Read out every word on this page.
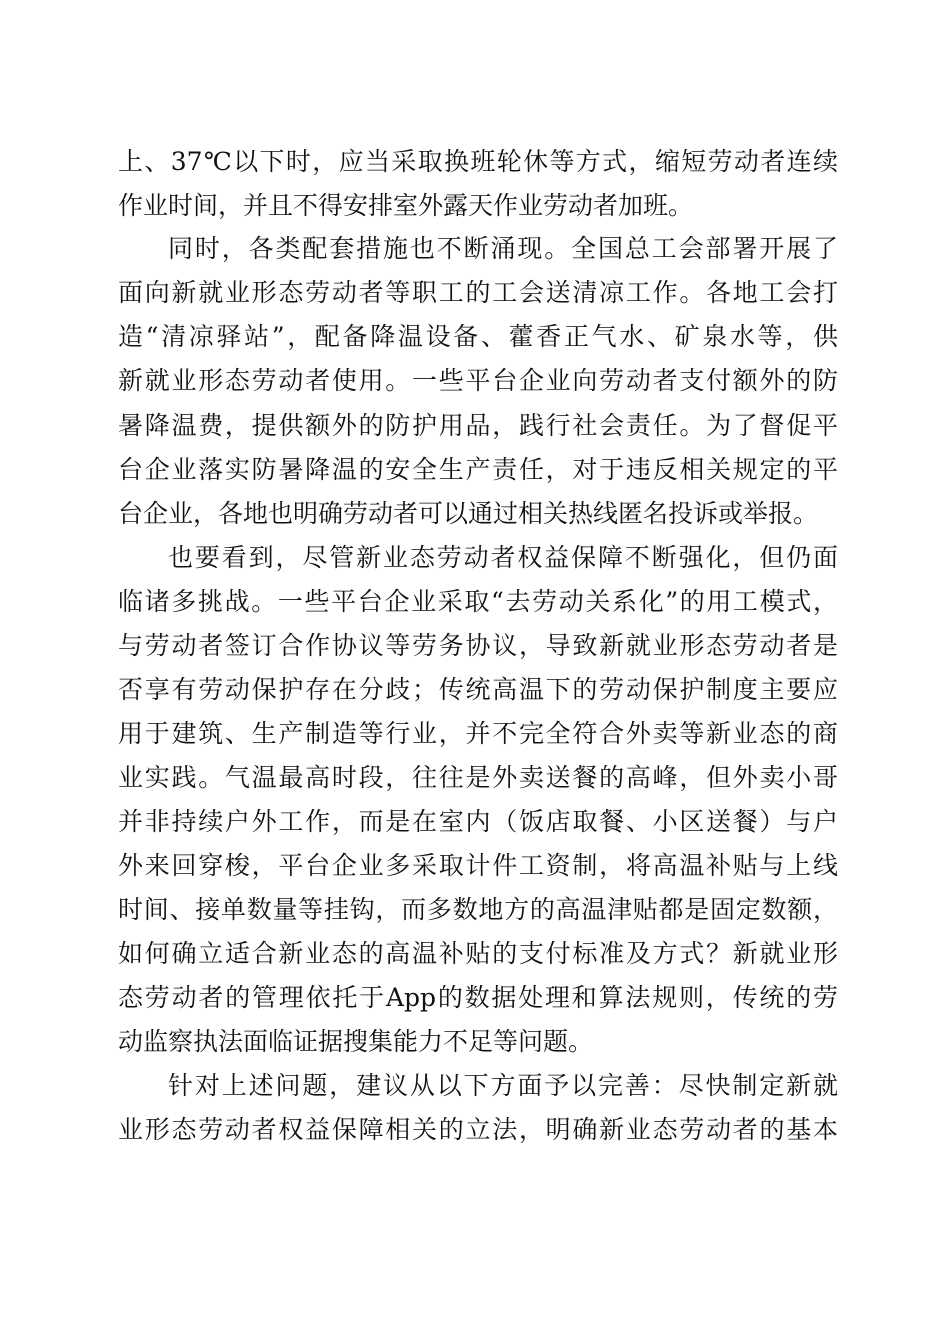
上、37℃以下时，应当采取换班轮休等方式，缩短劳动者连续
作业时间，并且不得安排室外露天作业劳动者加班。
同时，各类配套措施也不断涌现。全国总工会部署开展了
面向新就业形态劳动者等职工的工会送清凉工作。各地工会打
造“清凉驿站”，配备降温设备、藿香正气水、矿泉水等，供
新就业形态劳动者使用。一些平台企业向劳动者支付额外的防
暑降温费，提供额外的防护用品，践行社会责任。为了督促平
台企业落实防暑降温的安全生产责任，对于违反相关规定的平
台企业，各地也明确劳动者可以通过相关热线匿名投诉或举报。
也要看到，尽管新业态劳动者权益保障不断强化，但仍面
临诸多挑战。一些平台企业采取“去劳动关系化”的用工模式，
与劳动者签订合作协议等劳务协议，导致新就业形态劳动者是
否享有劳动保护存在分歧；传统高温下的劳动保护制度主要应
用于建筑、生产制造等行业，并不完全符合外卖等新业态的商
业实践。气温最高时段，往往是外卖送餐的高峰，但外卖小哥
并非持续户外工作，而是在室内（饭店取餐、小区送餐）与户
外来回穿梭，平台企业多采取计件工资制，将高温补贴与上线
时间、接单数量等挂钩，而多数地方的高温津贴都是固定数额，
如何确立适合新业态的高温补贴的支付标准及方式？新就业形
态劳动者的管理依托于App的数据处理和算法规则，传统的劳
动监察执法面临证据搜集能力不足等问题。
针对上述问题，建议从以下方面予以完善：尽快制定新就
业形态劳动者权益保障相关的立法，明确新业态劳动者的基本
